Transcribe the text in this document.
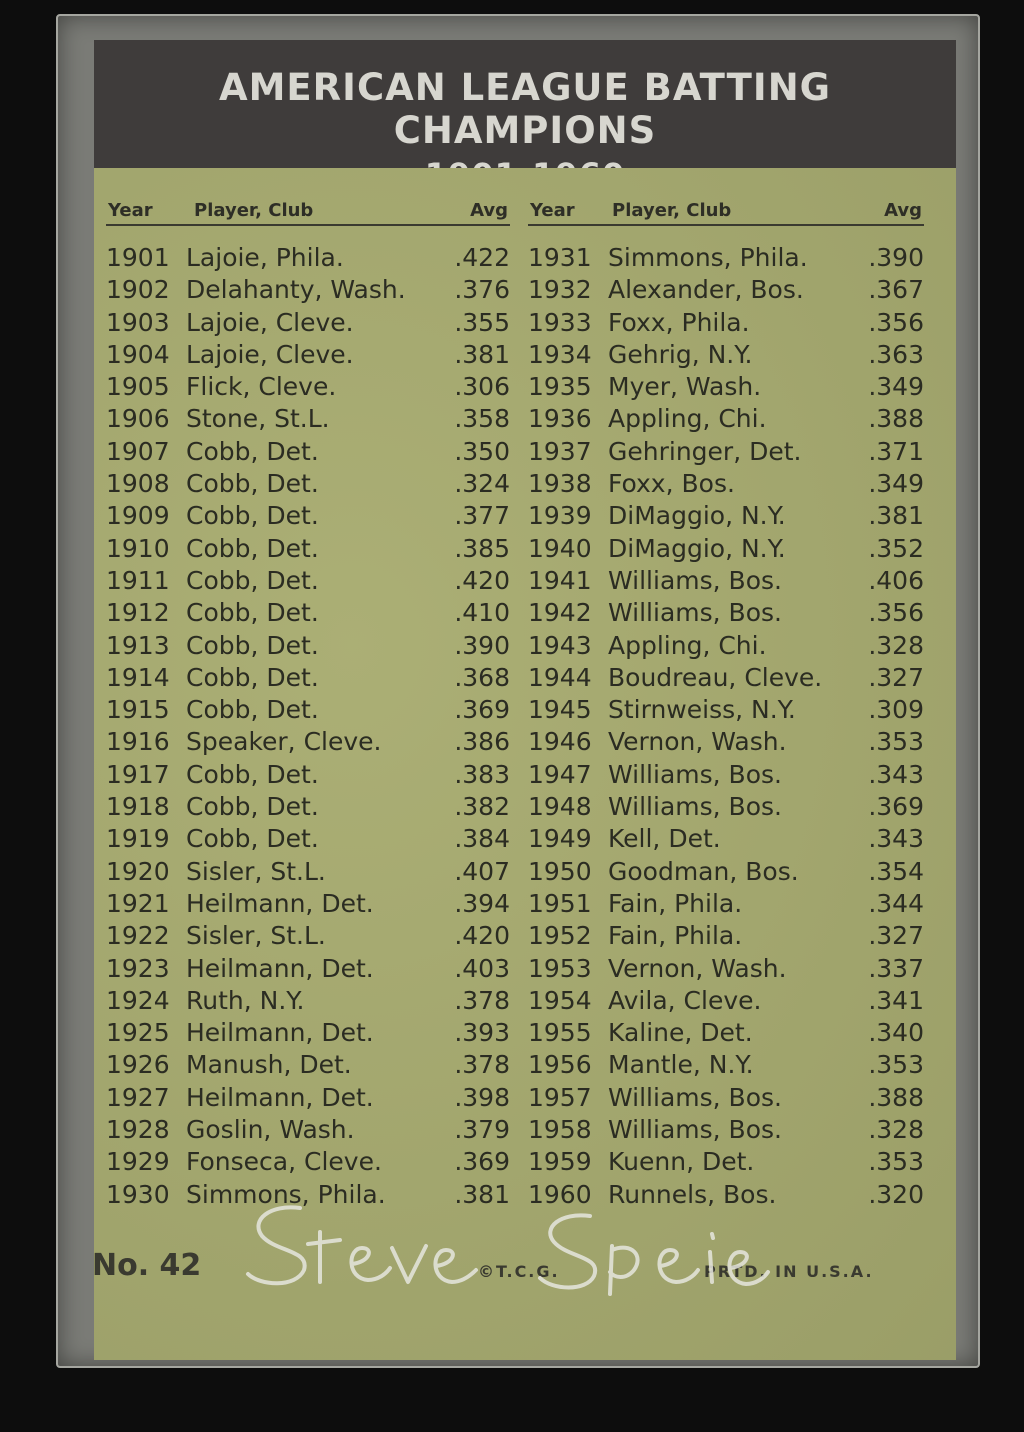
AMERICAN LEAGUE BATTING CHAMPIONS
Year Player, Club	Avg
1901 Lajoie, Phila.	.422
1902 Delahanty, Wash. .376
1903 Lajoie, Cleve.	.355
1904 Lajoie, Cleve.	.381
1905 Flick, Cleve.	.306
1906 Stone, St.L.	.358
1907 Cobb, Det.	.350
1908 Cobb, Det.	.324
1909 Cobb, Det.	.377
1910 Cobb, Det.	.385
1911 Cobb, Det.	.420
1912 Cobb, Det.	.410
1913 Cobb, Det.	.390
1914 Cobb, Det.	.368
1915 Cobb, Det.	.369
1916 Speaker, Cleve.	.386
1917 Cobb, Det.	.383
1918 Cobb, Det.	.382
1919 Cobb, Det.	.384
1920 Sisler, St.L.	.407
1921 Heilmann, Det.	.394
1922 Sisler, St.L.	.420
1923 Heilmann, Det.	.403
1924 Ruth, N.Y.	.378
1925 Heilmann, Det.	.393
1926 Manush, Det.	.378
1927 Heilmann, Det.	.398
1928 Goslin, Wash.	.379
1929 Fonseca, Cleve.	.369
1930 Simmons, Phila.	.381
Year Player, Club	Avg
1931 Simmons, Phila. .390
1932 Alexander, Bos.	.367
1933 Foxx, Phila.	.356
1934 Gehrig, N.Y.	.363
1935 Myer, Wash.	.349
1936 Appling, Chi.	.388
1937 Gehringer, Det.	.371
1938 Foxx, Bos.	.349
1939 DiMaggio, N.Y.	.381
1940 DiMaggio, N.Y.	.352
1941 Williams, Bos.	.406
1942 Williams, Bos.	.356
1943 Appling, Chi.	.328
1944 Boudreau, Cleve. .327
1945 Stirnweiss, N.Y.	.309
1946 Vernon, Wash.	.353
1947 Williams, Bos.	.343
1948 Williams, Bos.	.369
1949 Kell, Det.	.343
1950 Goodman, Bos.	.354
1951 Fain, Phila.	.344
1952 Fain, Phila.	.327
1953 Vernon, Wash.	.337
1954 Avila, Cleve.	.341
1955 Kaline, Det.	.340
1956 Mantle, N.Y.	.353
1957 Williams, Bos.	.388
1958 Williams, Bos.	.328
1959 Kuenn, Det.	.353
1960 Runnels, Bos.	.320
No. 42	©T.C.G.	PRTD. IN U.S.A.
